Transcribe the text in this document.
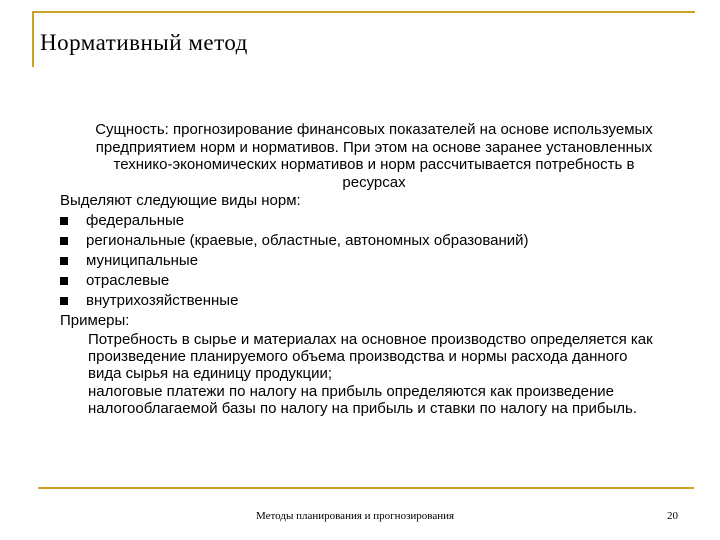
Нормативный метод
Сущность: прогнозирование финансовых показателей на основе используемых предприятием норм и нормативов. При этом на основе заранее установленных технико-экономических нормативов и норм рассчитывается потребность в ресурсах
Выделяют следующие виды норм:
федеральные
региональные (краевые, областные, автономных образований)
муниципальные
отраслевые
внутрихозяйственные
Примеры:
Потребность в сырье и материалах на основное производство определяется как произведение планируемого объема производства и нормы расхода данного вида сырья на единицу продукции;
налоговые платежи по налогу на прибыль определяются как произведение налогооблагаемой базы по налогу на прибыль и ставки по налогу на прибыль.
Методы планирования и прогнозирования	20
